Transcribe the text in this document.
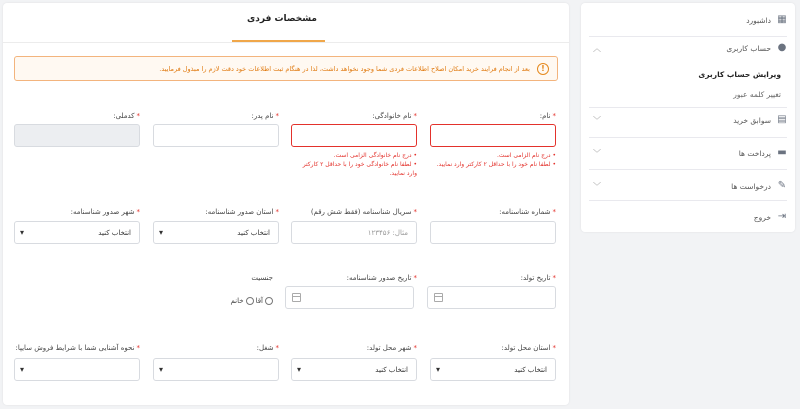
▦
داشبورد
●
حساب کاربری
︿
ویرایش حساب کاربری
تغییر کلمه عبور
▤
سوابق خرید
﹀
▬
پرداخت ها
﹀
✎
درخواست ها
﹀
⇥
خروج
مشخصات فردی
!
بعد از انجام فرایند خرید امکان اصلاح اطلاعات فردی شما وجود نخواهد داشت، لذا در هنگام ثبت اطلاعات خود دقت لازم را مبذول فرمایید.
*نام:
• درج نام الزامی است.
• لطفا نام خود را با حداقل ۲ کارکتر وارد نمایید.
*نام خانوادگی:
• درج نام خانوادگی الزامی است.
• لطفا نام خانوادگی خود را با حداقل ۲ کارکتر وارد نمایید.
*نام پدر:
*کدملی:
*شماره شناسنامه:
*سریال شناسنامه (فقط شش رقم)
مثال: ۱۲۳۴۵۶
*استان صدور شناسنامه:
انتخاب کنید
▾
*شهر صدور شناسنامه:
انتخاب کنید
▾
*تاریخ تولد:
*تاریخ صدور شناسنامه:
جنسیت
آقا
خانم
*استان محل تولد:
انتخاب کنید
▾
*شهر محل تولد:
انتخاب کنید
▾
*شغل:
▾
*نحوه آشنایی شما با شرایط فروش سایپا:
▾
